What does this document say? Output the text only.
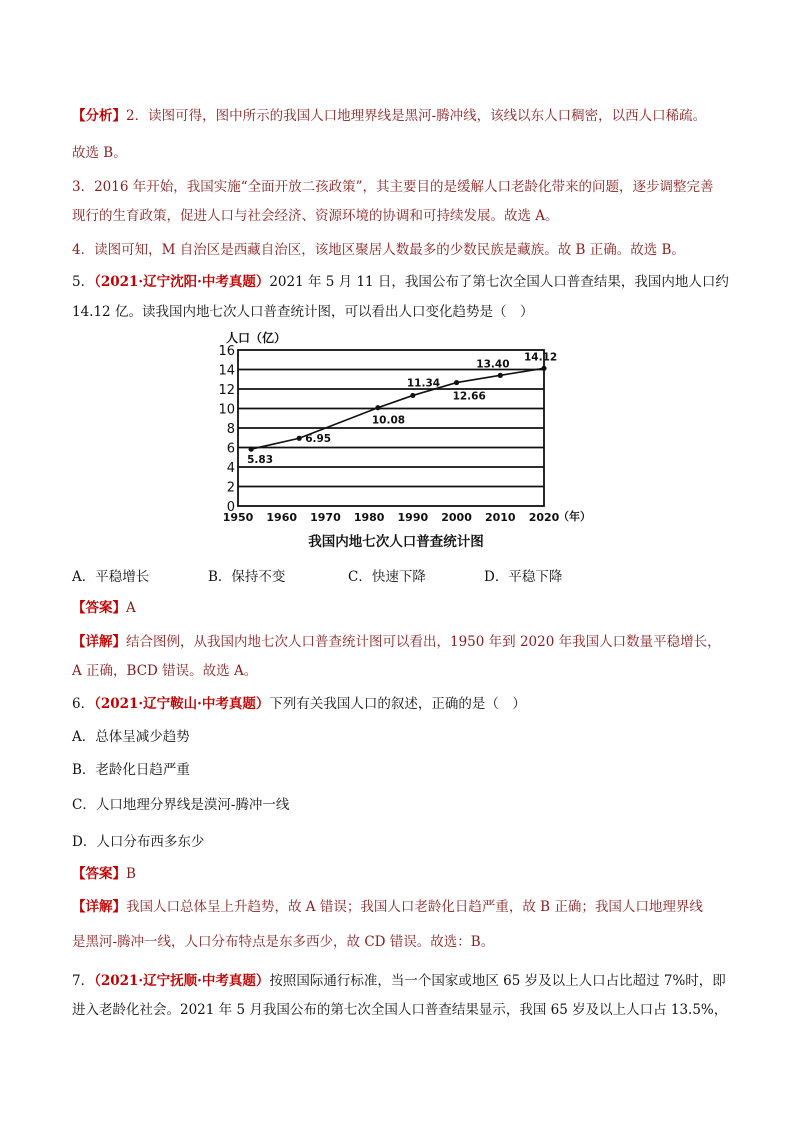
【分析】2．读图可得，图中所示的我国人口地理界线是黑河-腾冲线，该线以东人口稠密，以西人口稀疏。
故选 B。
3．2016 年开始，我国实施“全面开放二孩政策”，其主要目的是缓解人口老龄化带来的问题，逐步调整完善
现行的生育政策，促进人口与社会经济、资源环境的协调和可持续发展。故选 A。
4．读图可知，M 自治区是西藏自治区，该地区聚居人数最多的少数民族是藏族。故 B 正确。故选 B。
5．（2021·辽宁沈阳·中考真题）2021 年 5 月 11 日，我国公布了第七次全国人口普查结果，我国内地人口约
14.12 亿。读我国内地七次人口普查统计图，可以看出人口变化趋势是（　）
0
2
4
6
8
10
12
14
16
1950 1960 1970 1980 1990 2000 2010 2020
人口（亿）
（年）
5.83
6.95
10.08
11.34
12.66
13.40
14.12
我国内地七次人口普查统计图
A．平稳增长	B．保持不变	C．快速下降	D．平稳下降
【答案】A
【详解】结合图例，从我国内地七次人口普查统计图可以看出，1950 年到 2020 年我国人口数量平稳增长，
A 正确，BCD 错误。故选 A。
6．（2021·辽宁鞍山·中考真题）下列有关我国人口的叙述，正确的是（　）
A．总体呈减少趋势
B．老龄化日趋严重
C．人口地理分界线是漠河-腾冲一线
D．人口分布西多东少
【答案】B
【详解】我国人口总体呈上升趋势，故 A 错误；我国人口老龄化日趋严重，故 B 正确；我国人口地理界线
是黑河-腾冲一线，人口分布特点是东多西少，故 CD 错误。故选：B。
7．（2021·辽宁抚顺·中考真题）按照国际通行标准，当一个国家或地区 65 岁及以上人口占比超过 7%时，即
进入老龄化社会。2021 年 5 月我国公布的第七次全国人口普查结果显示，我国 65 岁及以上人口占 13.5%，
